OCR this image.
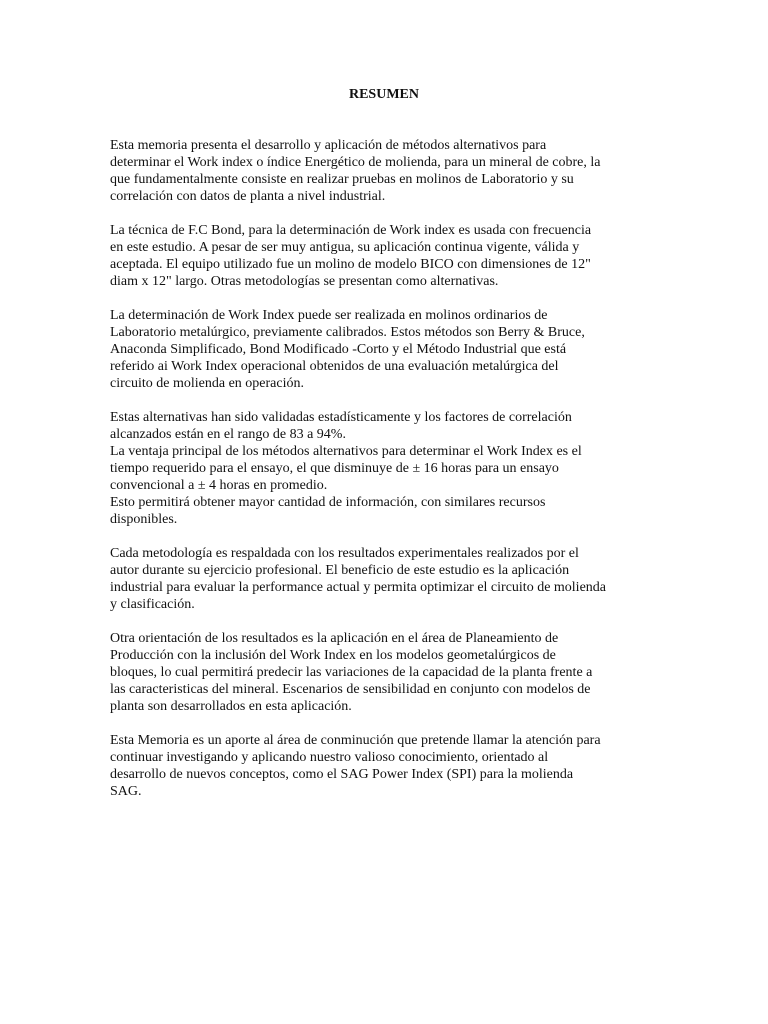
RESUMEN
Esta memoria presenta el desarrollo y aplicación de métodos alternativos para
determinar el Work index o índice Energético de molienda, para un mineral de cobre, la
que fundamentalmente consiste en realizar pruebas en molinos de Laboratorio y su
correlación con datos de planta a nivel industrial.
La técnica de F.C Bond, para la determinación de Work index es usada con frecuencia
en este estudio. A pesar de ser muy antigua, su aplicación continua vigente, válida y
aceptada. El equipo utilizado fue un molino de modelo BICO con dimensiones de 12"
diam x 12" largo. Otras metodologías se presentan como alternativas.
La determinación de Work Index puede ser realizada en molinos ordinarios de
Laboratorio metalúrgico, previamente calibrados. Estos métodos son Berry & Bruce,
Anaconda Simplificado, Bond Modificado -Corto y el Método Industrial que está
referido ai Work Index operacional obtenidos de una evaluación metalúrgica del
circuito de molienda en operación.
Estas alternativas han sido validadas estadísticamente y los factores de correlación
alcanzados están en el rango de 83 a 94%.
La ventaja principal de los métodos alternativos para determinar el Work Index es el
tiempo requerido para el ensayo, el que disminuye de ± 16 horas para un ensayo
convencional a ± 4 horas en promedio.
Esto permitirá obtener mayor cantidad de información, con similares recursos
disponibles.
Cada metodología es respaldada con los resultados experimentales realizados por el
autor durante su ejercicio profesional. El beneficio de este estudio es la aplicación
industrial para evaluar la performance actual y permita optimizar el circuito de molienda
y clasificación.
Otra orientación de los resultados es la aplicación en el área de Planeamiento de
Producción con la inclusión del Work Index en los modelos geometalúrgicos de
bloques, lo cual permitirá predecir las variaciones de la capacidad de la planta frente a
las caracteristicas del mineral. Escenarios de sensibilidad en conjunto con modelos de
planta son desarrollados en esta aplicación.
Esta Memoria es un aporte al área de conminución que pretende llamar la atención para
continuar investigando y aplicando nuestro valioso conocimiento, orientado al
desarrollo de nuevos conceptos, como el SAG Power Index (SPI) para la molienda
SAG.
